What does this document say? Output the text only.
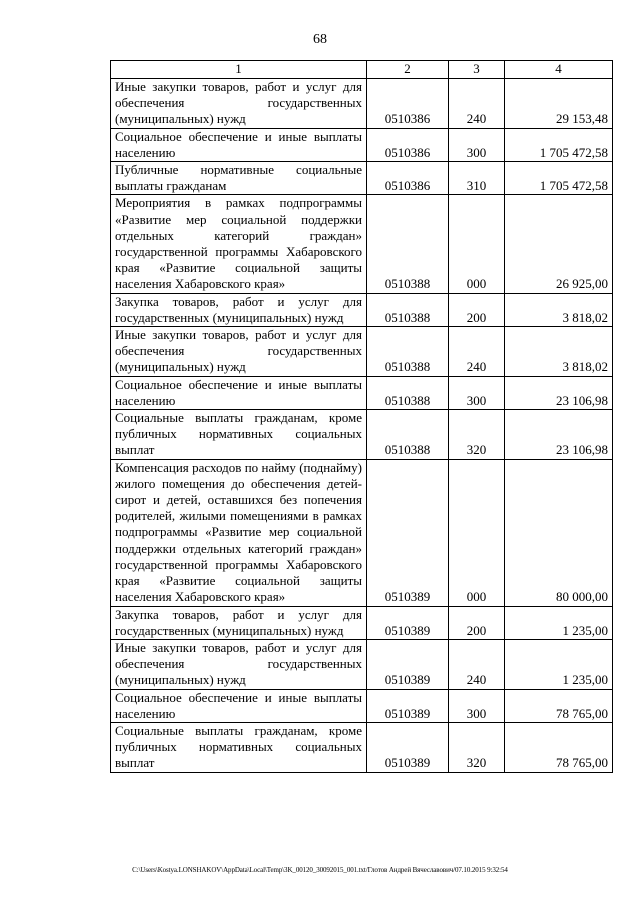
68
1	2	3	4
Иные закупки товаров, работ и услуг для обеспечения государственных (муниципальных) нужд	0510386	240	29 153,48
Социальное обеспечение и иные выплаты населению	0510386	300	1 705 472,58
Публичные нормативные социальные выплаты гражданам	0510386	310	1 705 472,58
Мероприятия в рамках подпрограммы «Развитие мер социальной поддержки отдельных категорий граждан» государственной программы Хабаровского края «Развитие социальной защиты населения Хабаровского края»	0510388	000	26 925,00
Закупка товаров, работ и услуг для государственных (муниципальных) нужд	0510388	200	3 818,02
Иные закупки товаров, работ и услуг для обеспечения государственных (муниципальных) нужд	0510388	240	3 818,02
Социальное обеспечение и иные выплаты населению	0510388	300	23 106,98
Социальные выплаты гражданам, кроме публичных нормативных социальных выплат	0510388	320	23 106,98
Компенсация расходов по найму (поднайму) жилого помещения до обеспечения детей-сирот и детей, оставшихся без попечения родителей, жилыми помещениями в рамках подпрограммы «Развитие мер социальной поддержки отдельных категорий граждан» государственной программы Хабаровского края «Развитие социальной защиты населения Хабаровского края»	0510389	000	80 000,00
Закупка товаров, работ и услуг для государственных (муниципальных) нужд	0510389	200	1 235,00
Иные закупки товаров, работ и услуг для обеспечения государственных (муниципальных) нужд	0510389	240	1 235,00
Социальное обеспечение и иные выплаты населению	0510389	300	78 765,00
Социальные выплаты гражданам, кроме публичных нормативных социальных выплат	0510389	320	78 765,00
C:\Users\Kostya.LONSHAKOV\AppData\Local\Temp\3K_00120_30092015_001.txt/Глотов Андрей Вячеславович/07.10.2015 9:32:54
